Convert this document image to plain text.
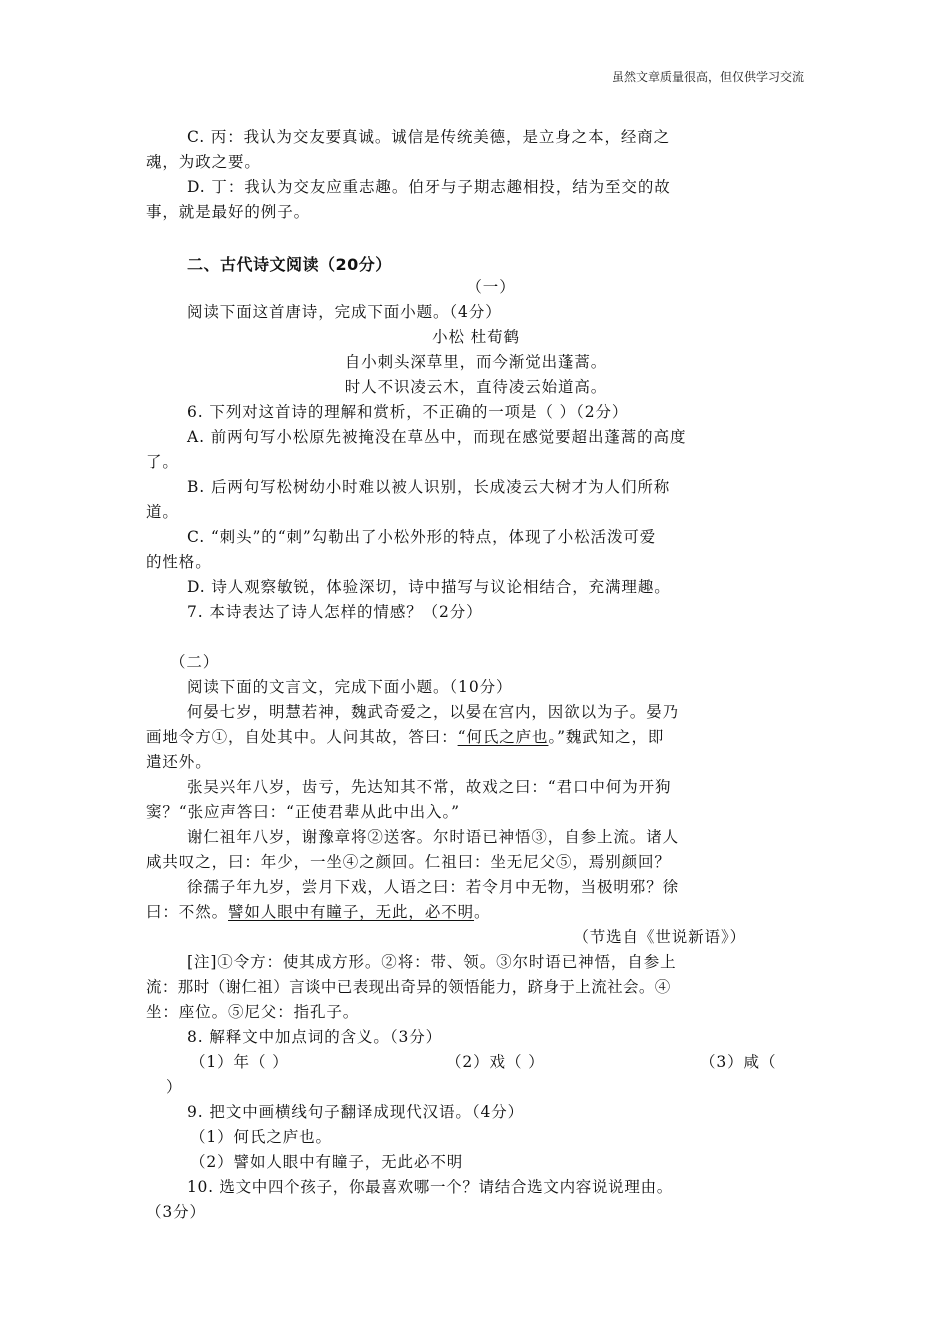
虽然文章质量很高，但仅供学习交流
C. 丙：我认为交友要真诚。诚信是传统美德，是立身之本，经商之
魂，为政之要。
D. 丁：我认为交友应重志趣。伯牙与子期志趣相投，结为至交的故
事，就是最好的例子。
二、古代诗文阅读（20分）
（一）
阅读下面这首唐诗，完成下面小题。（4分）
小松 杜荀鹤
自小刺头深草里，而今渐觉出蓬蒿。
时人不识凌云木，直待凌云始道高。
6. 下列对这首诗的理解和赏析，不正确的一项是（ ）（2分）
A. 前两句写小松原先被掩没在草丛中，而现在感觉要超出蓬蒿的高度
了。
B. 后两句写松树幼小时难以被人识别，长成凌云大树才为人们所称
道。
C. “刺头”的“刺”勾勒出了小松外形的特点，体现了小松活泼可爱
的性格。
D. 诗人观察敏锐，体验深切，诗中描写与议论相结合，充满理趣。
7. 本诗表达了诗人怎样的情感？（2分）
（二）
阅读下面的文言文，完成下面小题。（10分）
何晏七岁，明慧若神，魏武奇爱之，以晏在宫内，因欲以为子。晏乃
画地令方①，自处其中。人问其故，答曰：“何氏之庐也。”魏武知之，即
遣还外。
张吴兴年八岁，齿亏，先达知其不常，故戏之曰：“君口中何为开狗
窦？“张应声答曰：“正使君辈从此中出入。”
谢仁祖年八岁，谢豫章将②送客。尔时语已神悟③，自参上流。诸人
咸共叹之，曰：年少，一坐④之颜回。仁祖曰：坐无尼父⑤，焉别颜回？
徐孺子年九岁，尝月下戏，人语之曰：若令月中无物，当极明邪？徐
曰：不然。譬如人眼中有瞳子，无此，必不明。
（节选自《世说新语》）
[注]①令方：使其成方形。②将：带、领。③尔时语已神悟，自参上
流：那时（谢仁祖）言谈中已表现出奇异的领悟能力，跻身于上流社会。④
坐：座位。⑤尼父：指孔子。
8. 解释文中加点词的含义。（3分）
（1）年（ ）	（2）戏（ ）	（3）咸（
）
9. 把文中画横线句子翻译成现代汉语。（4分）
（1）何氏之庐也。
（2）譬如人眼中有瞳子，无此必不明
10. 选文中四个孩子，你最喜欢哪一个？请结合选文内容说说理由。
（3分）
